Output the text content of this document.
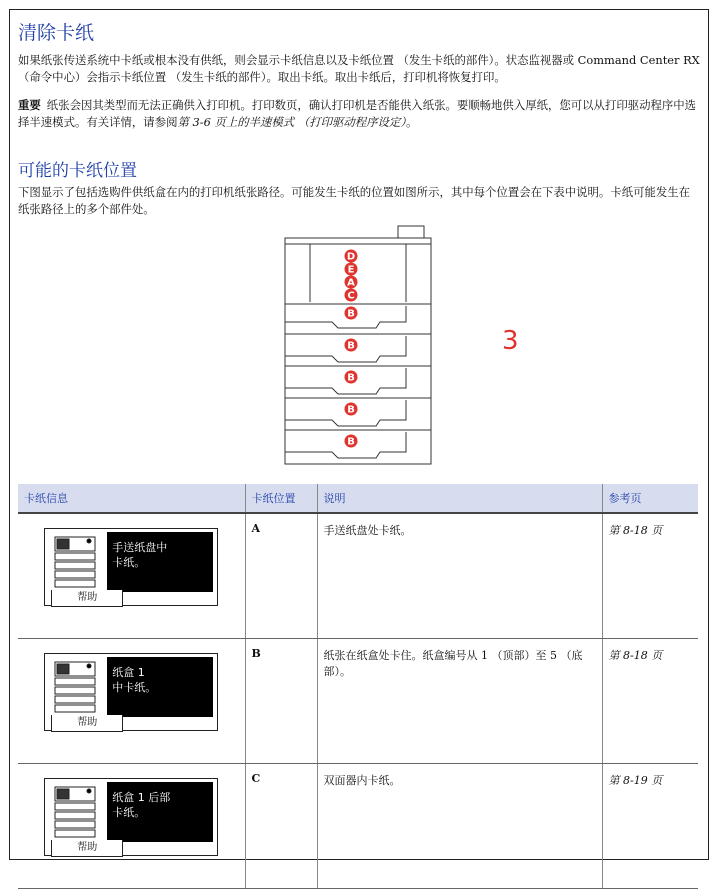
清除卡纸

如果纸张传送系统中卡纸或根本没有供纸，则会显示卡纸信息以及卡纸位置 （发生卡纸的部件）。状态监视器或 Command Center RX （命令中心）会指示卡纸位置 （发生卡纸的部件）。取出卡纸。取出卡纸后，打印机将恢复打印。

重要 纸张会因其类型而无法正确供入打印机。打印数页，确认打印机是否能供入纸张。要顺畅地供入厚纸，您可以从打印驱动程序中选择半速模式。有关详情，请参阅第 3-6 页上的半速模式 （打印驱动程序设定）。

可能的卡纸位置

下图显示了包括选购件供纸盒在内的打印机纸张路径。可能发生卡纸的位置如图所示，其中每个位置会在下表中说明。卡纸可能发生在纸张路径上的多个部件处。

D
E
A
C
B
B
B
B
B
3
卡纸信息	卡纸位置	说明	参考页

手送纸盘中
卡纸。
帮助	A	手送纸盘处卡纸。	第 8-18 页

纸盒 1
中卡纸。
帮助	B	纸张在纸盒处卡住。纸盒编号从 1 （顶部）至 5 （底部）。	第 8-18 页

纸盒 1 后部
卡纸。
帮助	C	双面器内卡纸。	第 8-19 页
